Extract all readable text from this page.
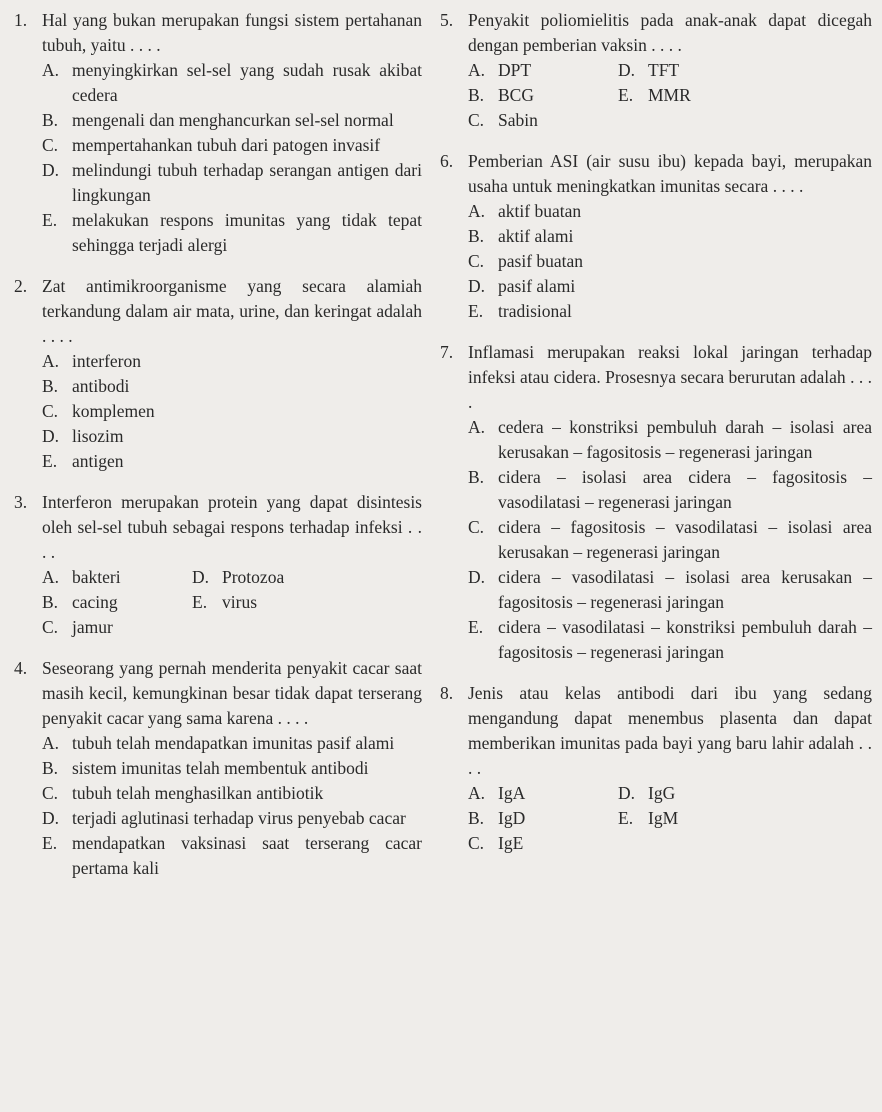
1. Hal yang bukan merupakan fungsi sistem pertahanan tubuh, yaitu . . . .
A. menyingkirkan sel-sel yang sudah rusak akibat cedera
B. mengenali dan menghancurkan sel-sel normal
C. mempertahankan tubuh dari patogen invasif
D. melindungi tubuh terhadap serangan antigen dari lingkungan
E. melakukan respons imunitas yang tidak tepat sehingga terjadi alergi
2. Zat antimikroorganisme yang secara alamiah terkandung dalam air mata, urine, dan keringat adalah . . . .
A. interferon
B. antibodi
C. komplemen
D. lisozim
E. antigen
3. Interferon merupakan protein yang dapat disintesis oleh sel-sel tubuh sebagai respons terhadap infeksi . . . .
A. bakteri	D. Protozoa
B. cacing	E. virus
C. jamur
4. Seseorang yang pernah menderita penyakit cacar saat masih kecil, kemungkinan besar tidak dapat terserang penyakit cacar yang sama karena . . . .
A. tubuh telah mendapatkan imunitas pasif alami
B. sistem imunitas telah membentuk antibodi
C. tubuh telah menghasilkan antibiotik
D. terjadi aglutinasi terhadap virus penyebab cacar
E. mendapatkan vaksinasi saat terserang cacar pertama kali
5. Penyakit poliomielitis pada anak-anak dapat dicegah dengan pemberian vaksin . . . .
A. DPT	D. TFT
B. BCG	E. MMR
C. Sabin
6. Pemberian ASI (air susu ibu) kepada bayi, merupakan usaha untuk meningkatkan imunitas secara . . . .
A. aktif buatan
B. aktif alami
C. pasif buatan
D. pasif alami
E. tradisional
7. Inflamasi merupakan reaksi lokal jaringan terhadap infeksi atau cidera. Prosesnya secara berurutan adalah . . . .
A. cedera – konstriksi pembuluh darah – isolasi area kerusakan – fagositosis – regenerasi jaringan
B. cidera – isolasi area cidera – fagositosis – vasodilatasi – regenerasi jaringan
C. cidera – fagositosis – vasodilatasi – isolasi area kerusakan – regenerasi jaringan
D. cidera – vasodilatasi – isolasi area kerusakan – fagositosis – regenerasi jaringan
E. cidera – vasodilatasi – konstriksi pembuluh darah – fagositosis – regenerasi jaringan
8. Jenis atau kelas antibodi dari ibu yang sedang mengandung dapat menembus plasenta dan dapat memberikan imunitas pada bayi yang baru lahir adalah . . . .
A. IgA	D. IgG
B. IgD	E. IgM
C. IgE
